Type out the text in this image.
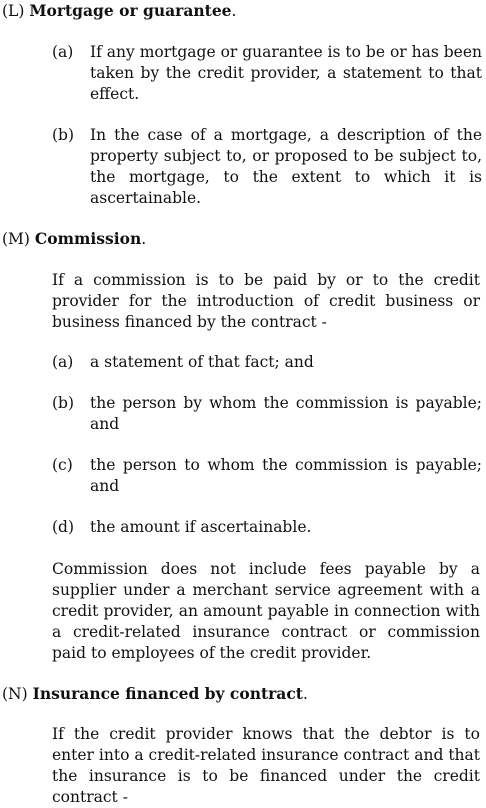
(L) Mortgage or guarantee.
(a)	If any mortgage or guarantee is to be or has been taken by the credit provider, a statement to that effect.
(b)	In the case of a mortgage, a description of the property subject to, or proposed to be subject to, the mortgage, to the extent to which it is ascertainable.
(M) Commission.
If a commission is to be paid by or to the credit provider for the introduction of credit business or business financed by the contract -
(a)	a statement of that fact; and
(b)	the person by whom the commission is payable; and
(c)	the person to whom the commission is payable; and
(d)	the amount if ascertainable.
Commission does not include fees payable by a supplier under a merchant service agreement with a credit provider, an amount payable in connection with a credit-related insurance contract or commission paid to employees of the credit provider.
(N) Insurance financed by contract.
If the credit provider knows that the debtor is to enter into a credit-related insurance contract and that the insurance is to be financed under the credit contract -
